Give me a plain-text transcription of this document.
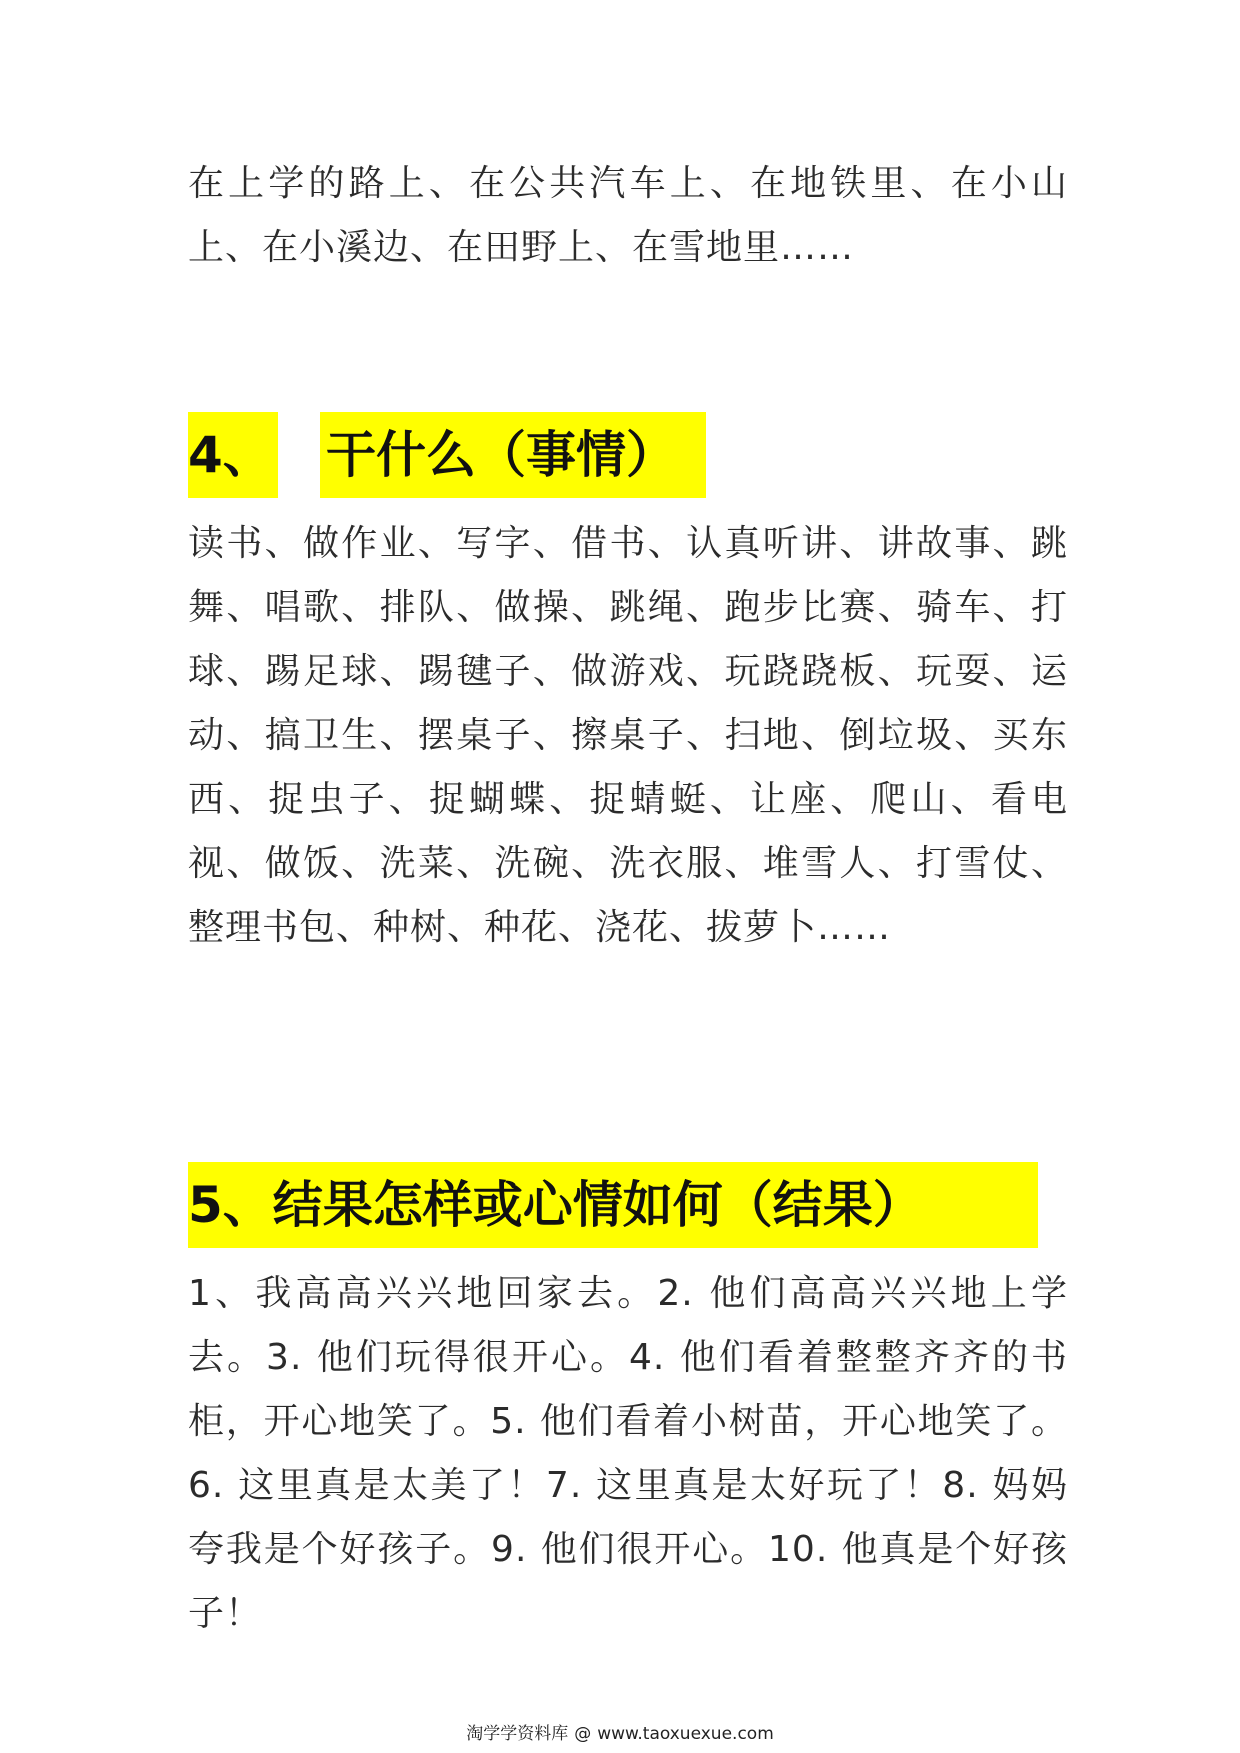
在上学的路上、在公共汽车上、在地铁里、在小山上、在小溪边、在田野上、在雪地里……

4、 干什么（事情）

读书、做作业、写字、借书、认真听讲、讲故事、跳舞、唱歌、排队、做操、跳绳、跑步比赛、骑车、打球、踢足球、踢毽子、做游戏、玩跷跷板、玩耍、运动、搞卫生、摆桌子、擦桌子、扫地、倒垃圾、买东西、捉虫子、捉蝴蝶、捉蜻蜓、让座、爬山、看电视、做饭、洗菜、洗碗、洗衣服、堆雪人、打雪仗、整理书包、种树、种花、浇花、拔萝卜……

5、结果怎样或心情如何（结果）

1、我高高兴兴地回家去。2. 他们高高兴兴地上学去。3. 他们玩得很开心。4. 他们看着整整齐齐的书柜，开心地笑了。5. 他们看着小树苗，开心地笑了。6. 这里真是太美了！7. 这里真是太好玩了！8. 妈妈夸我是个好孩子。9. 他们很开心。10. 他真是个好孩子！

淘学学资料库 @ www.taoxuexue.com
